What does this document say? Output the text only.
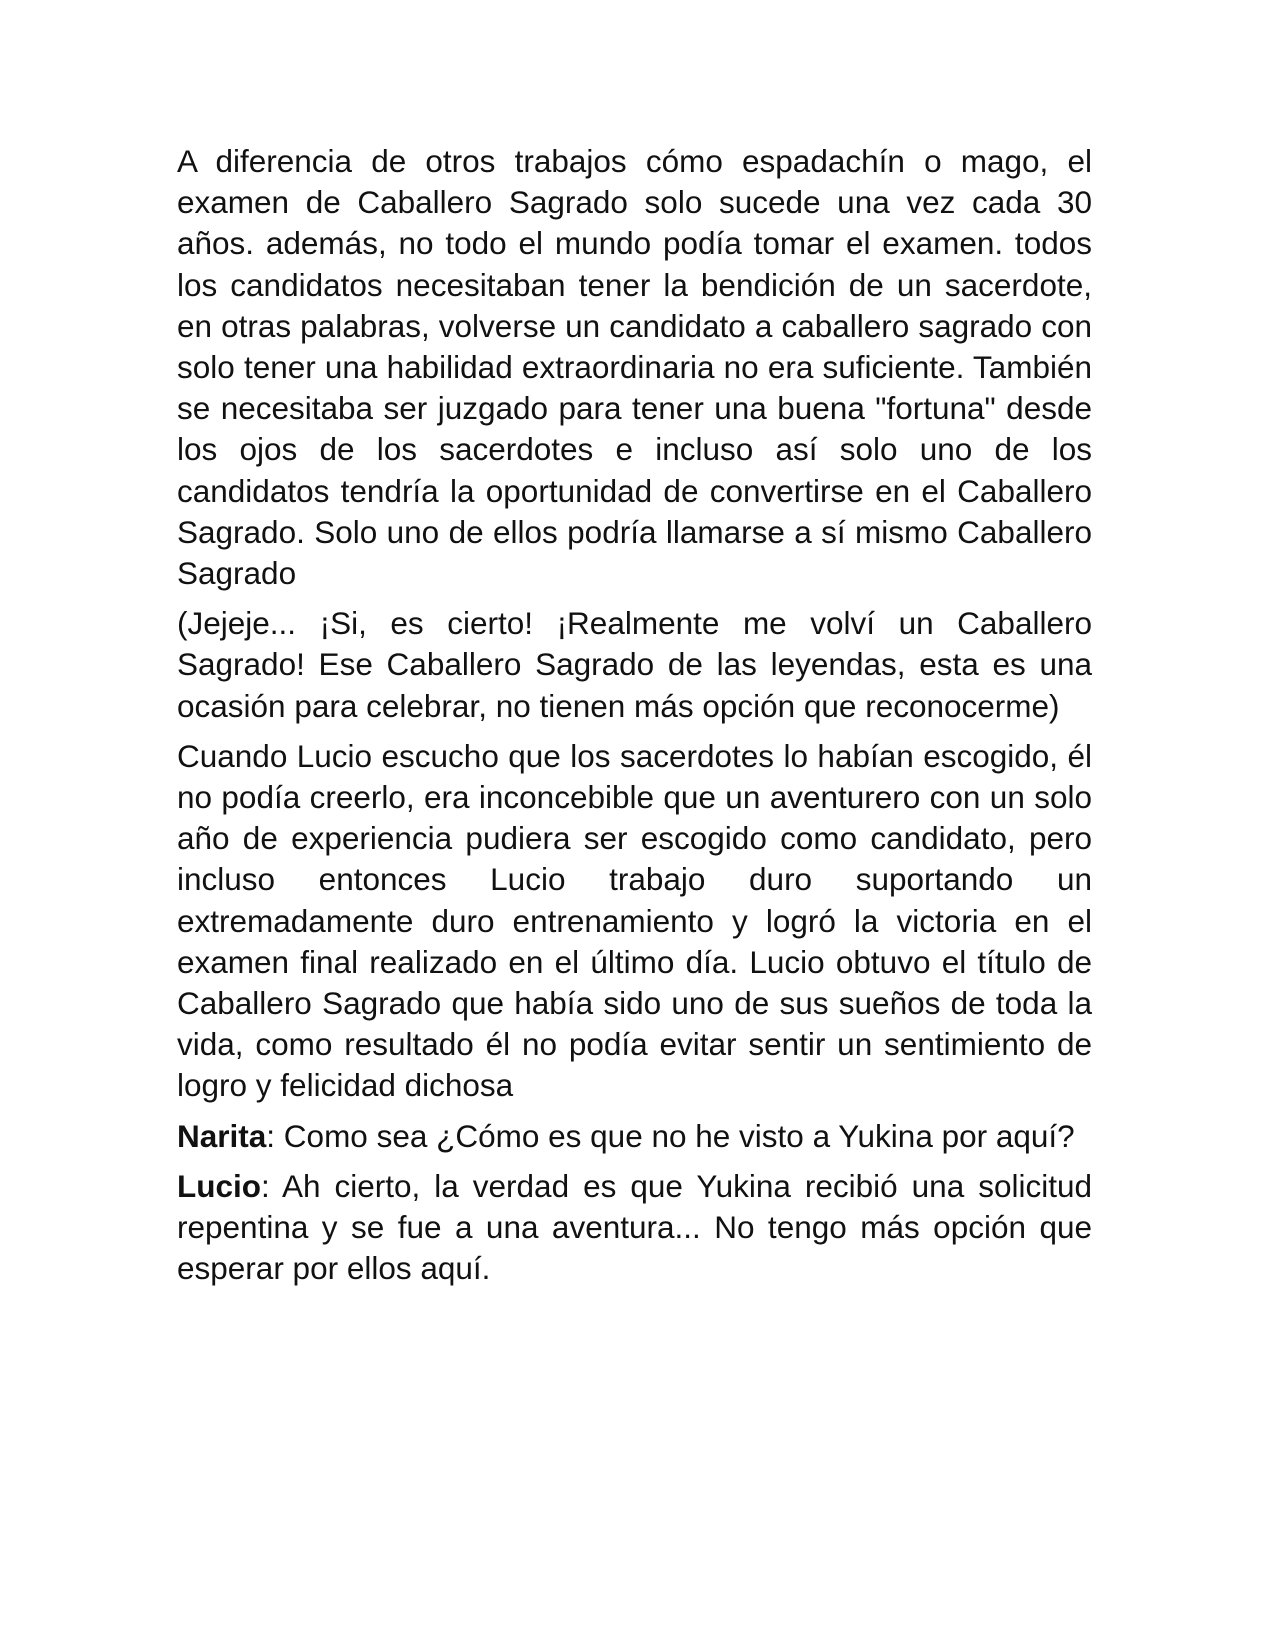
A diferencia de otros trabajos cómo espadachín o mago, el examen de Caballero Sagrado solo sucede una vez cada 30 años. además, no todo el mundo podía tomar el examen. todos los candidatos necesitaban tener la bendición de un sacerdote, en otras palabras, volverse un candidato a caballero sagrado con solo tener una habilidad extraordinaria no era suficiente. También se necesitaba ser juzgado para tener una buena "fortuna" desde los ojos de los sacerdotes e incluso así solo uno de los candidatos tendría la oportunidad de convertirse en el Caballero Sagrado. Solo uno de ellos podría llamarse a sí mismo Caballero Sagrado

(Jejeje... ¡Si, es cierto! ¡Realmente me volví un Caballero Sagrado! Ese Caballero Sagrado de las leyendas, esta es una ocasión para celebrar, no tienen más opción que reconocerme)

Cuando Lucio escucho que los sacerdotes lo habían escogido, él no podía creerlo, era inconcebible que un aventurero con un solo año de experiencia pudiera ser escogido como candidato, pero incluso entonces Lucio trabajo duro suportando un extremadamente duro entrenamiento y logró la victoria en el examen final realizado en el último día. Lucio obtuvo el título de Caballero Sagrado que había sido uno de sus sueños de toda la vida, como resultado él no podía evitar sentir un sentimiento de logro y felicidad dichosa

Narita: Como sea ¿Cómo es que no he visto a Yukina por aquí?

Lucio: Ah cierto, la verdad es que Yukina recibió una solicitud repentina y se fue a una aventura... No tengo más opción que esperar por ellos aquí.
